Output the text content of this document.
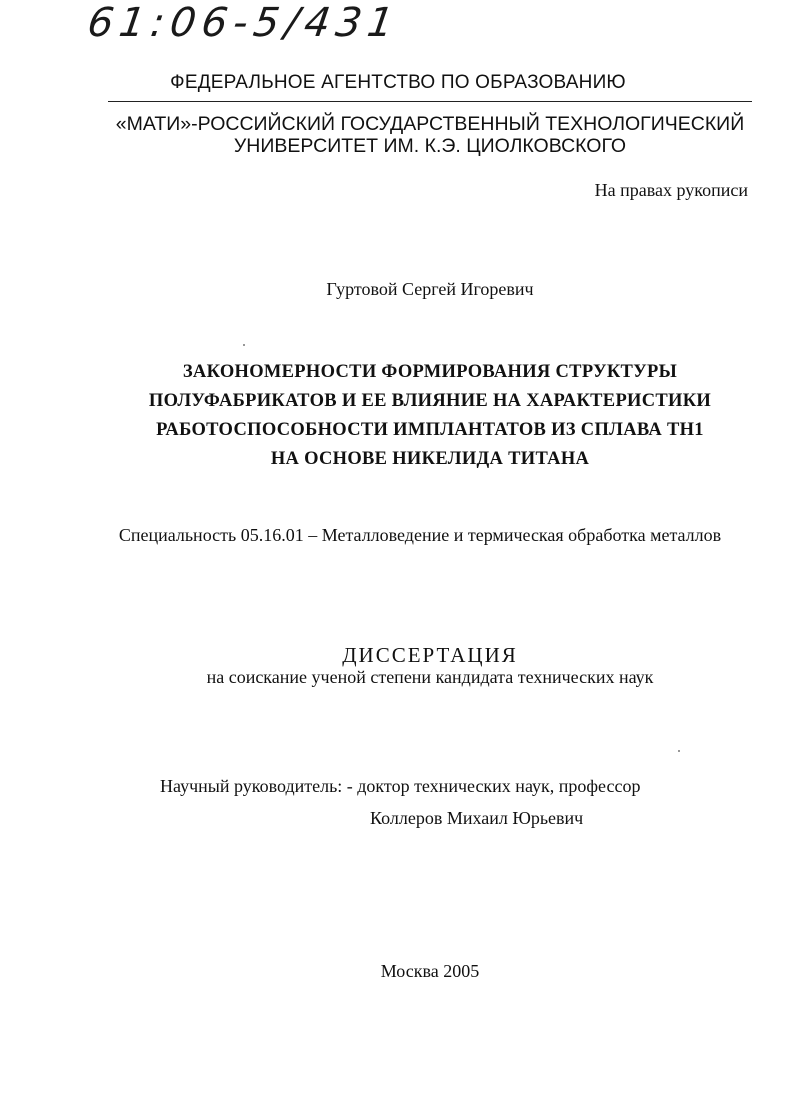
61:06-5/431
ФЕДЕРАЛЬНОЕ АГЕНТСТВО ПО ОБРАЗОВАНИЮ
«МАТИ»-РОССИЙСКИЙ ГОСУДАРСТВЕННЫЙ ТЕХНОЛОГИЧЕСКИЙ
УНИВЕРСИТЕТ ИМ. К.Э. ЦИОЛКОВСКОГО
На правах рукописи
Гуртовой Сергей Игоревич
ЗАКОНОМЕРНОСТИ ФОРМИРОВАНИЯ СТРУКТУРЫ
ПОЛУФАБРИКАТОВ И ЕЕ ВЛИЯНИЕ НА ХАРАКТЕРИСТИКИ
РАБОТОСПОСОБНОСТИ ИМПЛАНТАТОВ ИЗ СПЛАВА ТН1
НА ОСНОВЕ НИКЕЛИДА ТИТАНА
Специальность 05.16.01 – Металловедение и термическая обработка металлов
ДИССЕРТАЦИЯ
на соискание ученой степени кандидата технических наук
Научный руководитель: - доктор технических наук, профессор
Коллеров Михаил Юрьевич
Москва 2005
